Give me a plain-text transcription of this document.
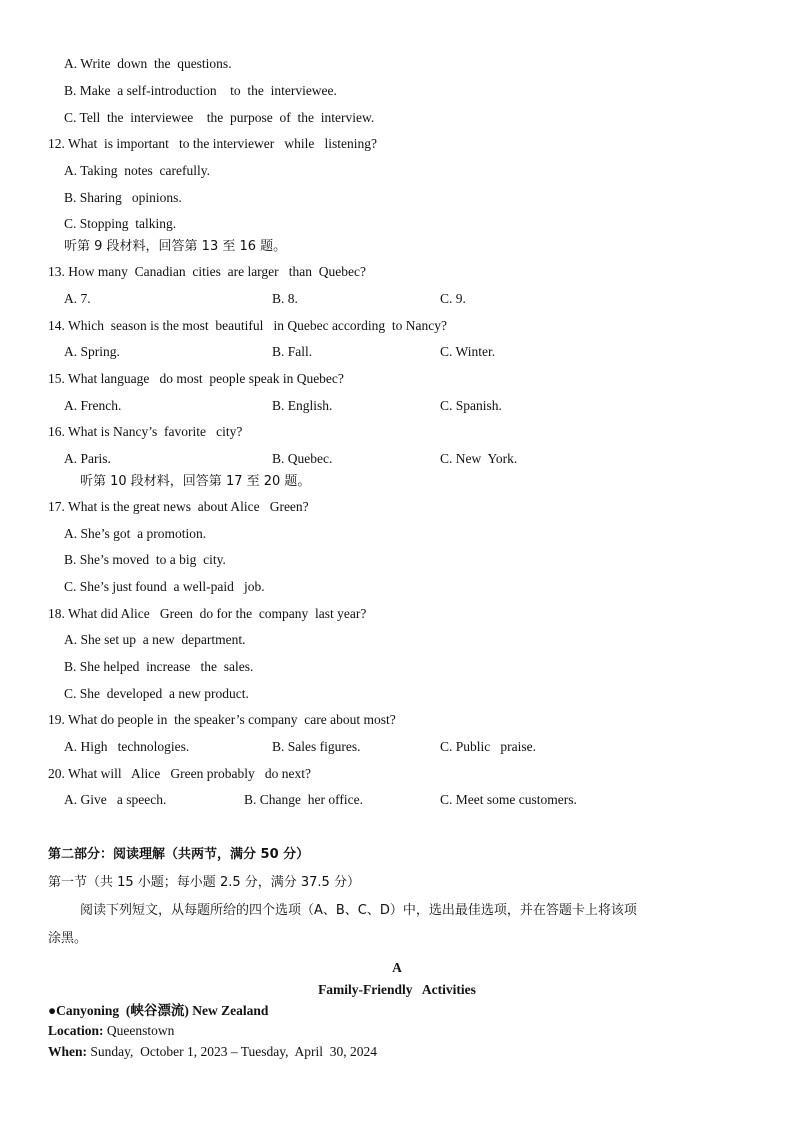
A. Write  down  the  questions.
B. Make  a self-introduction    to  the  interviewee.
C. Tell  the  interviewee    the  purpose  of  the  interview.
12. What  is important   to the interviewer   while   listening?
A. Taking  notes  carefully.
B. Sharing   opinions.
C. Stopping  talking.
听第 9 段材料，回答第 13 至 16 题。
13. How many  Canadian  cities  are larger   than  Quebec?
A. 7.	B. 8.	C. 9.
14. Which  season is the most  beautiful   in Quebec according  to Nancy?
A. Spring.	B. Fall.	C. Winter.
15. What language   do most  people speak in Quebec?
A. French.	B. English.	C. Spanish.
16. What is Nancy’s  favorite   city?
A. Paris.	B. Quebec.	C. New  York.
听第 10 段材料，回答第 17 至 20 题。
17. What is the great news  about Alice   Green?
A. She’s got  a promotion.
B. She’s moved  to a big  city.
C. She’s just found  a well-paid   job.
18. What did Alice   Green  do for the  company  last year?
A. She set up  a new  department.
B. She helped  increase   the  sales.
C. She  developed  a new product.
19. What do people in  the speaker’s company  care about most?
A. High   technologies.	B. Sales figures.	C. Public   praise.
20. What will   Alice   Green probably   do next?
A. Give   a speech.	B. Change  her office.	C. Meet some customers.
第二部分：阅读理解（共两节，满分 50 分）
第一节（共 15 小题；每小题 2.5 分，满分 37.5 分）
阅读下列短文，从每题所给的四个选项（A、B、C、D）中，选出最佳选项，并在答题卡上将该项
涂黑。
A
Family-Friendly   Activities
●Canyoning  (峡谷漂流) New Zealand
Location: Queenstown
When: Sunday,  October 1, 2023 – Tuesday,  April  30, 2024
